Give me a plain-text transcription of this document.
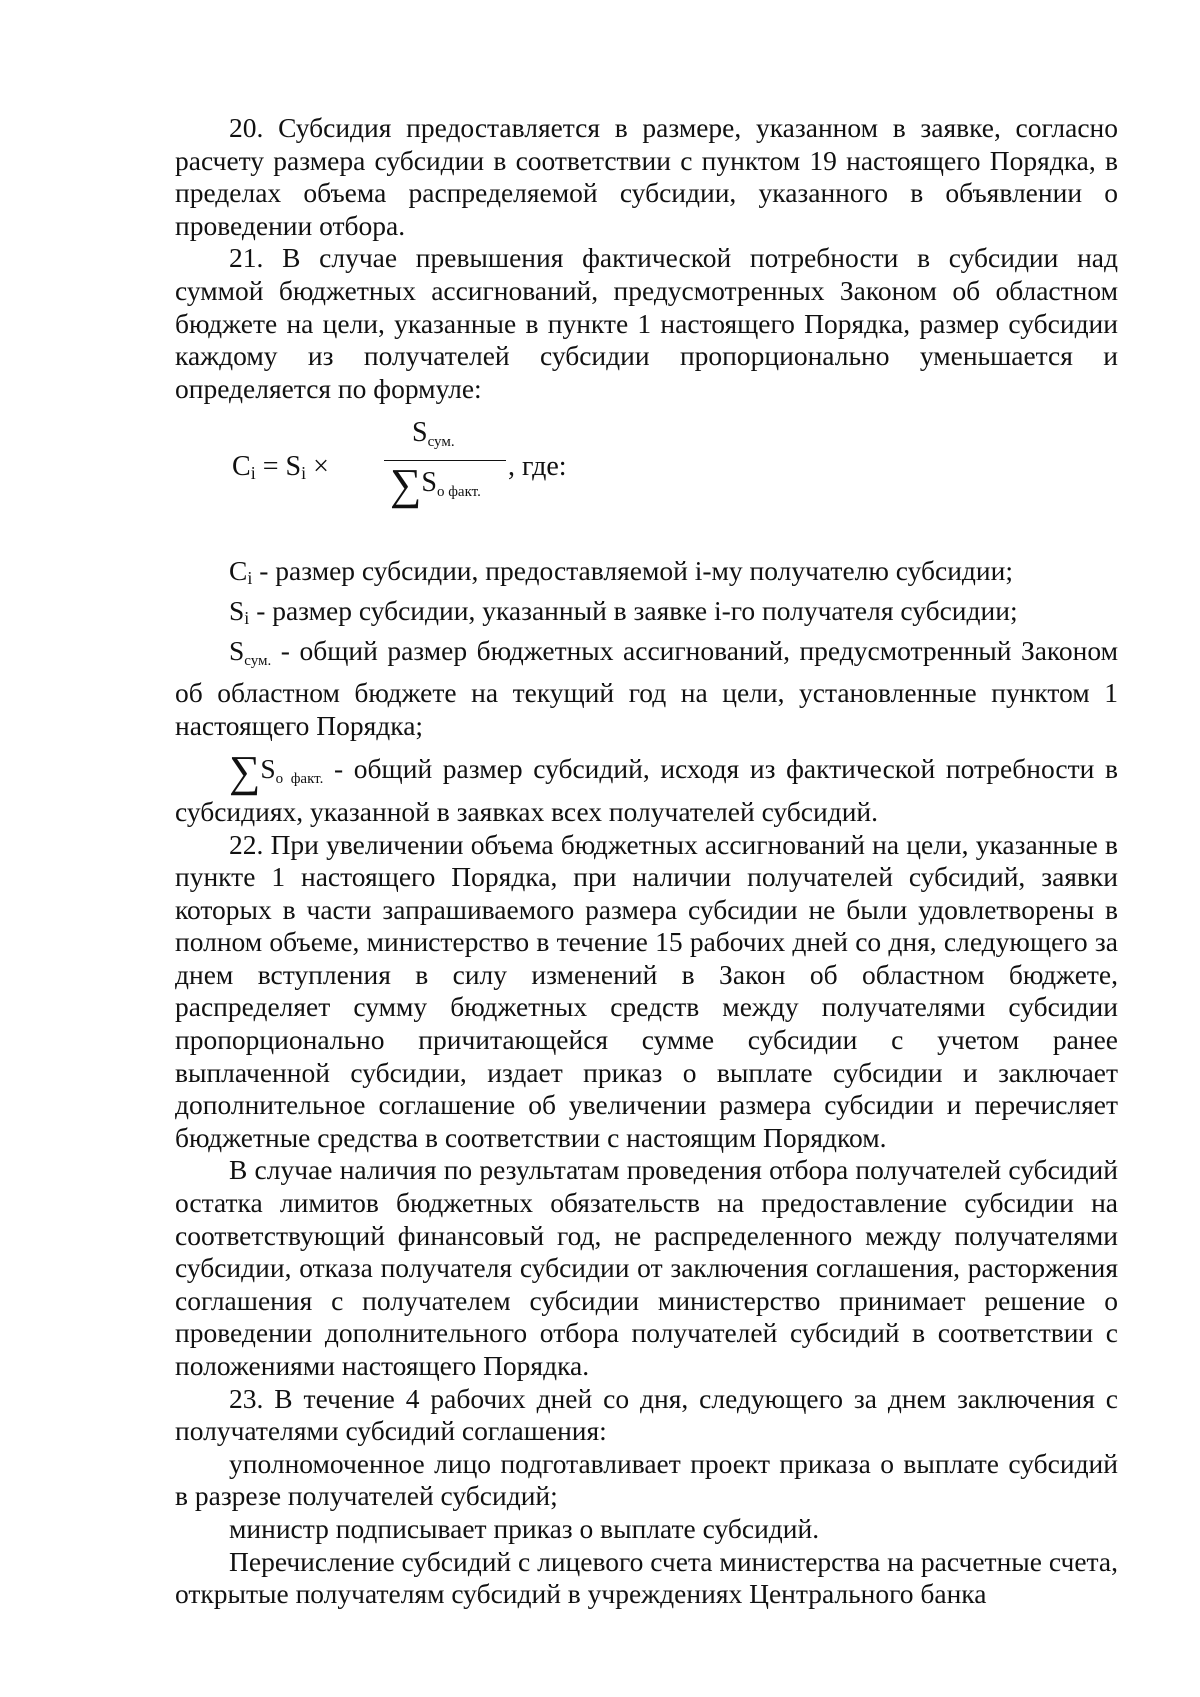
20. Субсидия предоставляется в размере, указанном в заявке, согласно расчету размера субсидии в соответствии с пунктом 19 настоящего Порядка, в пределах объема распределяемой субсидии, указанного в объявлении о проведении отбора.

21. В случае превышения фактической потребности в субсидии над суммой бюджетных ассигнований, предусмотренных Законом об областном бюджете на цели, указанные в пункте 1 настоящего Порядка, размер субсидии каждому из получателей субсидии пропорционально уменьшается и определяется по формуле:

Ci = Si ×
$S_{сум.}$
$\sum S_{о факт.}$
, где:

Ci - размер субсидии, предоставляемой i-му получателю субсидии;

Si - размер субсидии, указанный в заявке i-го получателя субсидии;

$S_{сум.}$ - общий размер бюджетных ассигнований, предусмотренный Законом об областном бюджете на текущий год на цели, установленные пунктом 1 настоящего Порядка;

$\sum S_{о факт.}$ - общий размер субсидий, исходя из фактической потребности в субсидиях, указанной в заявках всех получателей субсидий.

22. При увеличении объема бюджетных ассигнований на цели, указанные в пункте 1 настоящего Порядка, при наличии получателей субсидий, заявки которых в части запрашиваемого размера субсидии не были удовлетворены в полном объеме, министерство в течение 15 рабочих дней со дня, следующего за днем вступления в силу изменений в Закон об областном бюджете, распределяет сумму бюджетных средств между получателями субсидии пропорционально причитающейся сумме субсидии с учетом ранее выплаченной субсидии, издает приказ о выплате субсидии и заключает дополнительное соглашение об увеличении размера субсидии и перечисляет бюджетные средства в соответствии с настоящим Порядком.

В случае наличия по результатам проведения отбора получателей субсидий остатка лимитов бюджетных обязательств на предоставление субсидии на соответствующий финансовый год, не распределенного между получателями субсидии, отказа получателя субсидии от заключения соглашения, расторжения соглашения с получателем субсидии министерство принимает решение о проведении дополнительного отбора получателей субсидий в соответствии с положениями настоящего Порядка.

23. В течение 4 рабочих дней со дня, следующего за днем заключения с получателями субсидий соглашения:

уполномоченное лицо подготавливает проект приказа о выплате субсидий в разрезе получателей субсидий;

министр подписывает приказ о выплате субсидий.

Перечисление субсидий с лицевого счета министерства на расчетные счета, открытые получателям субсидий в учреждениях Центрального банка
